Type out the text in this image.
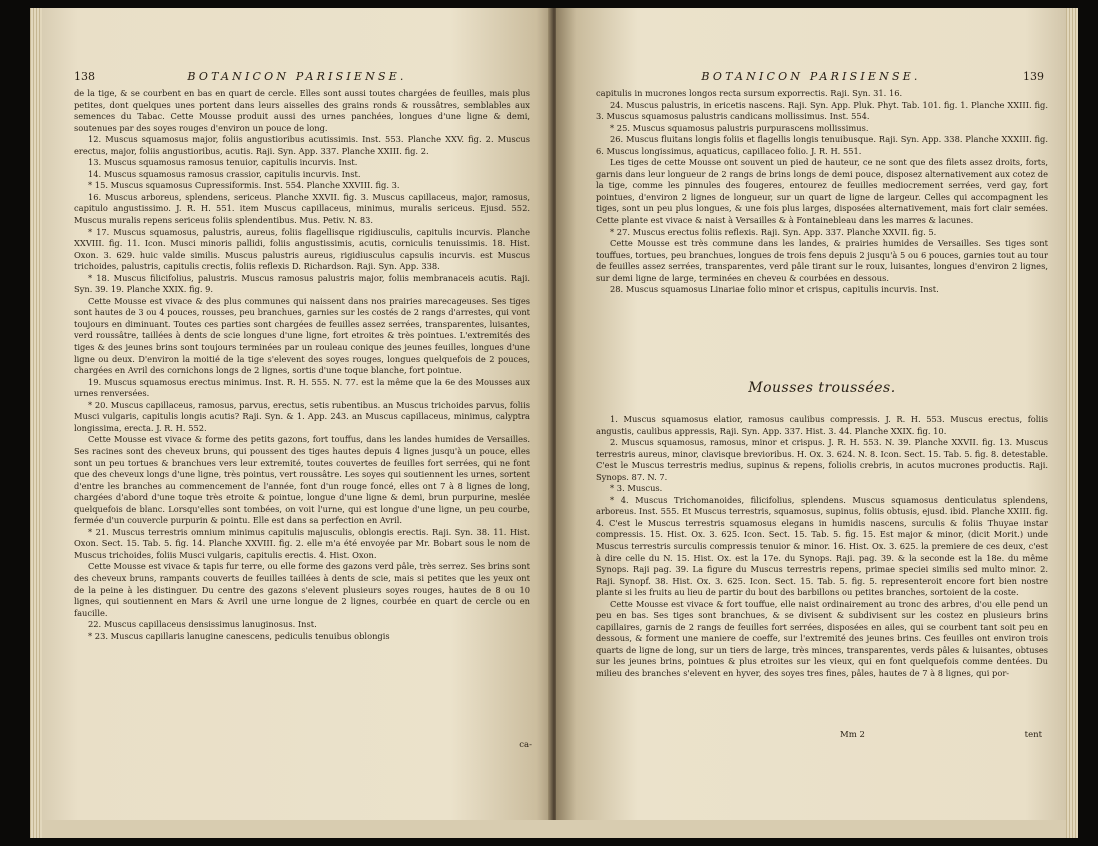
138	BOTANICON PARISIENSE.

de la tige, & se courbent en bas en quart de cercle. Elles sont aussi toutes chargées de feuilles, mais plus petites, dont quelques unes portent dans leurs aisselles des grains ronds & roussâtres, semblables aux semences du Tabac. Cette Mousse produit aussi des urnes panchées, longues d'une ligne & demi, soutenues par des soyes rouges d'environ un pouce de long.

12. Muscus squamosus major, foliis angustioribus acutissimis. Inst. 553. Planche XXV. fig. 2. Muscus erectus, major, foliis angustioribus, acutis. Raji. Syn. App. 337. Planche XXIII. fig. 2.

13. Muscus squamosus ramosus tenuior, capitulis incurvis. Inst.

14. Muscus squamosus ramosus crassior, capitulis incurvis. Inst.

* 15. Muscus squamosus Cupressiformis. Inst. 554. Planche XXVIII. fig. 3.

16. Muscus arboreus, splendens, sericeus. Planche XXVII. fig. 3. Muscus capillaceus, major, ramosus, capitulo angustissimo. J. R. H. 551. item Muscus capillaceus, minimus, muralis sericeus. Ejusd. 552. Muscus muralis repens sericeus foliis splendentibus. Mus. Petiv. N. 83.

* 17. Muscus squamosus, palustris, aureus, foliis flagellisque rigidiusculis, capitulis incurvis. Planche XXVIII. fig. 11. Icon. Musci minoris pallidi, foliis angustissimis, acutis, corniculis tenuissimis. 18. Hist. Oxon. 3. 629. huic valde similis. Muscus palustris aureus, rigidiusculus capsulis incurvis. est Muscus trichoides, palustris, capitulis crectis, foliis reflexis D. Richardson. Raji. Syn. App. 338.

* 18. Muscus filicifolius, palustris. Muscus ramosus palustris major, foliis membranaceis acutis. Raji. Syn. 39. 19. Planche XXIX. fig. 9.

Cette Mousse est vivace & des plus communes qui naissent dans nos prairies marecageuses. Ses tiges sont hautes de 3 ou 4 pouces, rousses, peu branchues, garnies sur les costés de 2 rangs d'arrestes, qui vont toujours en diminuant. Toutes ces parties sont chargées de feuilles assez serrées, transparentes, luisantes, verd roussâtre, taillées à dents de scie longues d'une ligne, fort etroites & très pointues. L'extremités des tiges & des jeunes brins sont toujours terminées par un rouleau conique des jeunes feuilles, longues d'une ligne ou deux. D'environ la moitié de la tige s'elevent des soyes rouges, longues quelquefois de 2 pouces, chargées en Avril des cornichons longs de 2 lignes, sortis d'une toque blanche, fort pointue.

19. Muscus squamosus erectus minimus. Inst. R. H. 555. N. 77. est la même que la 6e des Mousses aux urnes renversées.

* 20. Muscus capillaceus, ramosus, parvus, erectus, setis rubentibus. an Muscus trichoides parvus, foliis Musci vulgaris, capitulis longis acutis? Raji. Syn. & 1. App. 243. an Muscus capillaceus, minimus, calyptra longissima, erecta. J. R. H. 552.

Cette Mousse est vivace & forme des petits gazons, fort touffus, dans les landes humides de Versailles. Ses racines sont des cheveux bruns, qui poussent des tiges hautes depuis 4 lignes jusqu'à un pouce, elles sont un peu tortues & branchues vers leur extremité, toutes couvertes de feuilles fort serrées, qui ne font que des cheveux longs d'une ligne, très pointus, vert roussâtre. Les soyes qui soutiennent les urnes, sortent d'entre les branches au commencement de l'année, font d'un rouge foncé, elles ont 7 à 8 lignes de long, chargées d'abord d'une toque très etroite & pointue, longue d'une ligne & demi, brun purpurine, meslée quelquefois de blanc. Lorsqu'elles sont tombées, on voit l'urne, qui est longue d'une ligne, un peu courbe, fermée d'un couvercle purpurin & pointu. Elle est dans sa perfection en Avril.

* 21. Muscus terrestris omnium minimus capitulis majusculis, oblongis erectis. Raji. Syn. 38. 11. Hist. Oxon. Sect. 15. Tab. 5. fig. 14. Planche XXVIII. fig. 2. elle m'a été envoyée par Mr. Bobart sous le nom de Muscus trichoides, foliis Musci vulgaris, capitulis erectis. 4. Hist. Oxon.

Cette Mousse est vivace & tapis fur terre, ou elle forme des gazons verd pâle, très serrez. Ses brins sont des cheveux bruns, rampants couverts de feuilles taillées à dents de scie, mais si petites que les yeux ont de la peine à les distinguer. Du centre des gazons s'elevent plusieurs soyes rouges, hautes de 8 ou 10 lignes, qui soutiennent en Mars & Avril une urne longue de 2 lignes, courbée en quart de cercle ou en faucille.

22. Muscus capillaceus densissimus lanuginosus. Inst.

* 23. Muscus capillaris lanugine canescens, pediculis tenuibus oblongis

ca-
BOTANICON PARISIENSE.	139

capitulis in mucrones longos recta sursum exporrectis. Raji. Syn. 31. 16.

24. Muscus palustris, in ericetis nascens. Raji. Syn. App. Pluk. Phyt. Tab. 101. fig. 1. Planche XXIII. fig. 3. Muscus squamosus palustris candicans mollissimus. Inst. 554.

* 25. Muscus squamosus palustris purpurascens mollissimus.

26. Muscus fluitans longis foliis et flagellis longis tenuibusque. Raji. Syn. App. 338. Planche XXXIII. fig. 6. Muscus longissimus, aquaticus, capillaceo folio. J. R. H. 551.

Les tiges de cette Mousse ont souvent un pied de hauteur, ce ne sont que des filets assez droits, forts, garnis dans leur longueur de 2 rangs de brins longs de demi pouce, disposez alternativement aux cotez de la tige, comme les pinnules des fougeres, entourez de feuilles mediocrement serrées, verd gay, fort pointues, d'environ 2 lignes de longueur, sur un quart de ligne de largeur. Celles qui accompagnent les tiges, sont un peu plus longues, & une fois plus larges, disposées alternativement, mais fort clair semées. Cette plante est vivace & naist à Versailles & à Fontainebleau dans les marres & lacunes.

* 27. Muscus erectus foliis reflexis. Raji. Syn. App. 337. Planche XXVII. fig. 5.

Cette Mousse est très commune dans les landes, & prairies humides de Versailles. Ses tiges sont touffues, tortues, peu branchues, longues de trois fens depuis 2 jusqu'à 5 ou 6 pouces, garnies tout au tour de feuilles assez serrées, transparentes, verd pâle tirant sur le roux, luisantes, longues d'environ 2 lignes, sur demi ligne de large, terminées en cheveu & courbées en dessous.

28. Muscus squamosus Linariae folio minor et crispus, capitulis incurvis. Inst.

Mousses troussées.

1. Muscus squamosus elatior, ramosus caulibus compressis. J. R. H. 553. Muscus erectus, foliis angustis, caulibus appressis, Raji. Syn. App. 337. Hist. 3. 44. Planche XXIX. fig. 10.

2. Muscus squamosus, ramosus, minor et crispus. J. R. H. 553. N. 39. Planche XXVII. fig. 13. Muscus terrestris aureus, minor, clavisque brevioribus. H. Ox. 3. 624. N. 8. Icon. Sect. 15. Tab. 5. fig. 8. detestable. C'est le Muscus terrestris medius, supinus & repens, foliolis crebris, in acutos mucrones productis. Raji. Synops. 87. N. 7.

* 3. Muscus.

* 4. Muscus Trichomanoides, filicifolius, splendens. Muscus squamosus denticulatus splendens, arboreus. Inst. 555. Et Muscus terrestris, squamosus, supinus, foliis obtusis, ejusd. ibid. Planche XXIII. fig. 4. C'est le Muscus terrestris squamosus elegans in humidis nascens, surculis & foliis Thuyae instar compressis. 15. Hist. Ox. 3. 625. Icon. Sect. 15. Tab. 5. fig. 15. Est major & minor, (dicit Morit.) unde Muscus terrestris surculis compressis tenuior & minor. 16. Hist. Ox. 3. 625. la premiere de ces deux, c'est à dire celle du N. 15. Hist. Ox. est la 17e. du Synops. Raji. pag. 39. & la seconde est la 18e. du même Synops. Raji pag. 39. La figure du Muscus terrestris repens, primae speciei similis sed multo minor. 2. Raji. Synopf. 38. Hist. Ox. 3. 625. Icon. Sect. 15. Tab. 5. fig. 5. representeroit encore fort bien nostre plante si les fruits au lieu de partir du bout des barbillons ou petites branches, sortoient de la coste.

Cette Mousse est vivace & fort touffue, elle naist ordinairement au tronc des arbres, d'ou elle pend un peu en bas. Ses tiges sont branchues, & se divisent & subdivisent sur les costez en plusieurs brins capillaires, garnis de 2 rangs de feuilles fort serrées, disposées en ailes, qui se courbent tant soit peu en dessous, & forment une maniere de coeffe, sur l'extremité des jeunes brins. Ces feuilles ont environ trois quarts de ligne de long, sur un tiers de large, très minces, transparentes, verds pâles & luisantes, obtuses sur les jeunes brins, pointues & plus etroites sur les vieux, qui en font quelquefois comme dentées. Du milieu des branches s'elevent en hyver, des soyes tres fines, pâles, hautes de 7 à 8 lignes, qui por-

Mm 2	tent
